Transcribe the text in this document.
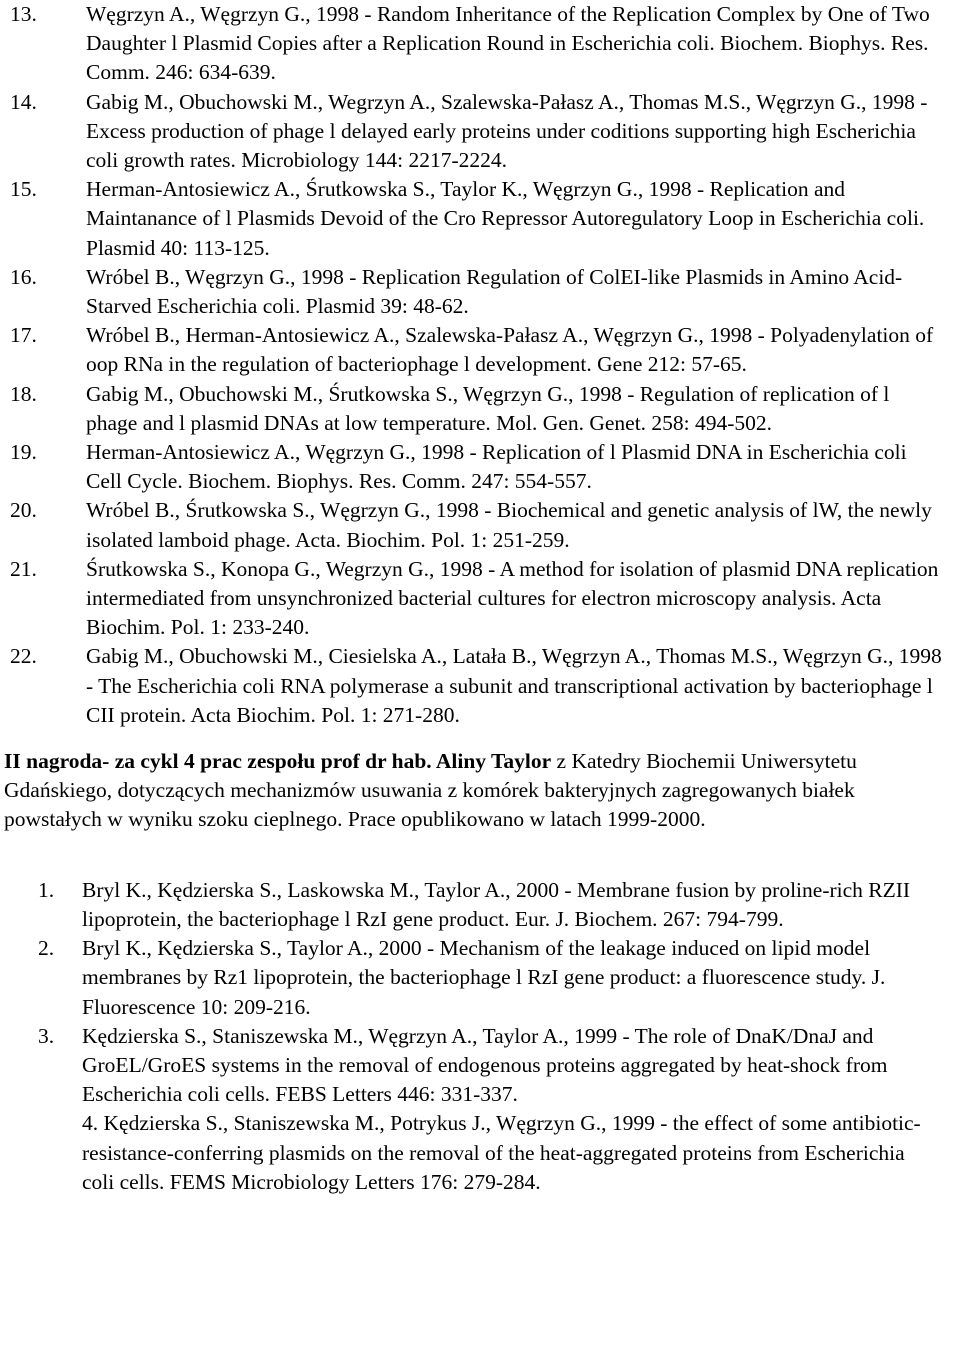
13. Węgrzyn A., Węgrzyn G., 1998 - Random Inheritance of the Replication Complex by One of Two Daughter l Plasmid Copies after a Replication Round in Escherichia coli. Biochem. Biophys. Res. Comm. 246: 634-639.
14. Gabig M., Obuchowski M., Wegrzyn A., Szalewska-Pałasz A., Thomas M.S., Węgrzyn G., 1998 - Excess production of phage l delayed early proteins under coditions supporting high Escherichia coli growth rates. Microbiology 144: 2217-2224.
15. Herman-Antosiewicz A., Śrutkowska S., Taylor K., Węgrzyn G., 1998 - Replication and Maintanance of l Plasmids Devoid of the Cro Repressor Autoregulatory Loop in Escherichia coli. Plasmid 40: 113-125.
16. Wróbel B., Węgrzyn G., 1998 - Replication Regulation of ColEI-like Plasmids in Amino Acid-Starved Escherichia coli. Plasmid 39: 48-62.
17. Wróbel B., Herman-Antosiewicz A., Szalewska-Pałasz A., Węgrzyn G., 1998 - Polyadenylation of oop RNa in the regulation of bacteriophage l development. Gene 212: 57-65.
18. Gabig M., Obuchowski M., Śrutkowska S., Węgrzyn G., 1998 - Regulation of replication of l phage and l plasmid DNAs at low temperature. Mol. Gen. Genet. 258: 494-502.
19. Herman-Antosiewicz A., Węgrzyn G., 1998 - Replication of l Plasmid DNA in Escherichia coli Cell Cycle. Biochem. Biophys. Res. Comm. 247: 554-557.
20. Wróbel B., Śrutkowska S., Węgrzyn G., 1998 - Biochemical and genetic analysis of lW, the newly isolated lamboid phage. Acta. Biochim. Pol. 1: 251-259.
21. Śrutkowska S., Konopa G., Wegrzyn G., 1998 - A method for isolation of plasmid DNA replication intermediated from unsynchronized bacterial cultures for electron microscopy analysis. Acta Biochim. Pol. 1: 233-240.
22. Gabig M., Obuchowski M., Ciesielska A., Latała B., Węgrzyn A., Thomas M.S., Węgrzyn G., 1998 - The Escherichia coli RNA polymerase a subunit and transcriptional activation by bacteriophage l CII protein. Acta Biochim. Pol. 1: 271-280.

II nagroda- za cykl 4 prac zespołu prof dr hab. Aliny Taylor z Katedry Biochemii Uniwersytetu Gdańskiego, dotyczących mechanizmów usuwania z komórek bakteryjnych zagregowanych białek powstałych w wyniku szoku cieplnego. Prace opublikowano w latach 1999-2000.

1. Bryl K., Kędzierska S., Laskowska M., Taylor A., 2000 - Membrane fusion by proline-rich RZII lipoprotein, the bacteriophage l RzI gene product. Eur. J. Biochem. 267: 794-799.
2. Bryl K., Kędzierska S., Taylor A., 2000 - Mechanism of the leakage induced on lipid model membranes by Rz1 lipoprotein, the bacteriophage l RzI gene product: a fluorescence study. J. Fluorescence 10: 209-216.
3. Kędzierska S., Staniszewska M., Węgrzyn A., Taylor A., 1999 - The role of DnaK/DnaJ and GroEL/GroES systems in the removal of endogenous proteins aggregated by heat-shock from Escherichia coli cells. FEBS Letters 446: 331-337.
4. Kędzierska S., Staniszewska M., Potrykus J., Węgrzyn G., 1999 - the effect of some antibiotic-resistance-conferring plasmids on the removal of the heat-aggregated proteins from Escherichia coli cells. FEMS Microbiology Letters 176: 279-284.
